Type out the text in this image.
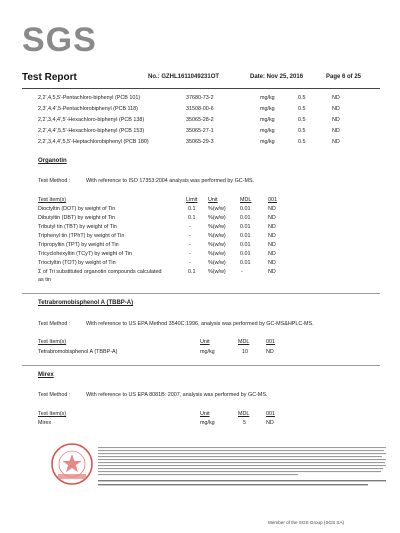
SGS
Test Report	No.: GZHL1611049231OT	Date: Nov 25, 2016	Page 6 of 25
2,2',4,5,5'-Pentachloro-biphenyl (PCB 101)	37680-73-2	mg/kg	0.5	ND
2,3',4,4',5-Pentachlorobiphenyl (PCB 118)	31508-00-6	mg/kg	0.5	ND
2,2',3,4,4',5'-Hexachloro-biphenyl (PCB 138)	35065-28-2	mg/kg	0.5	ND
2,2',4,4',5,5'-Hexachloro-biphenyl (PCB 153)	35065-27-1	mg/kg	0.5	ND
2,2',3,4,4',5,5'-Heptachlorobiphenyl (PCB 180)	35065-29-3	mg/kg	0.5	ND
Organotin
Test Method :	With reference to ISO 17353:2004 analysis was performed by GC-MS.
Test Item(s)	Limit Unit	MDL	001
Dioctyltin (DOT) by weight of Tin	0.1 %(w/w)	0.01	ND
Dibutyltin (DBT) by weight of Tin	0.1 %(w/w)	0.01	ND
Tributyl tin (TBT) by weight of Tin	-	%(w/w)	0.01	ND
Triphenyl tin (TPhT) by weight of Tin	-	%(w/w)	0.01	ND
Tripropyltin (TPT) by weight of Tin	-	%(w/w)	0.01	ND
Tricyclohexyltin (TCyT) by weight of Tin	-	%(w/w)	0.01	ND
Trioctyltin (TOT) by weight of Tin	-	%(w/w)	0.01	ND
Σ of Tri substituted organotin compounds calculated	0.1 %(w/w)	-	ND
as tin
Tetrabromobisphenol A (TBBP-A)
Test Method :	With reference to US EPA Method 3540C:1996, analysis was performed by GC-MS&HPLC-MS.
Test Item(s)	Unit	MDL	001
Tetrabromobisphenol A (TBBP-A)	mg/kg	10	ND
Mirex
Test Method :	With reference to US EPA 8081B: 2007, analysis was performed by GC-MS.
Test Item(s)	Unit	MDL	001
Mirex	mg/kg	5	ND
Member of the SGS Group (SGS SA)
